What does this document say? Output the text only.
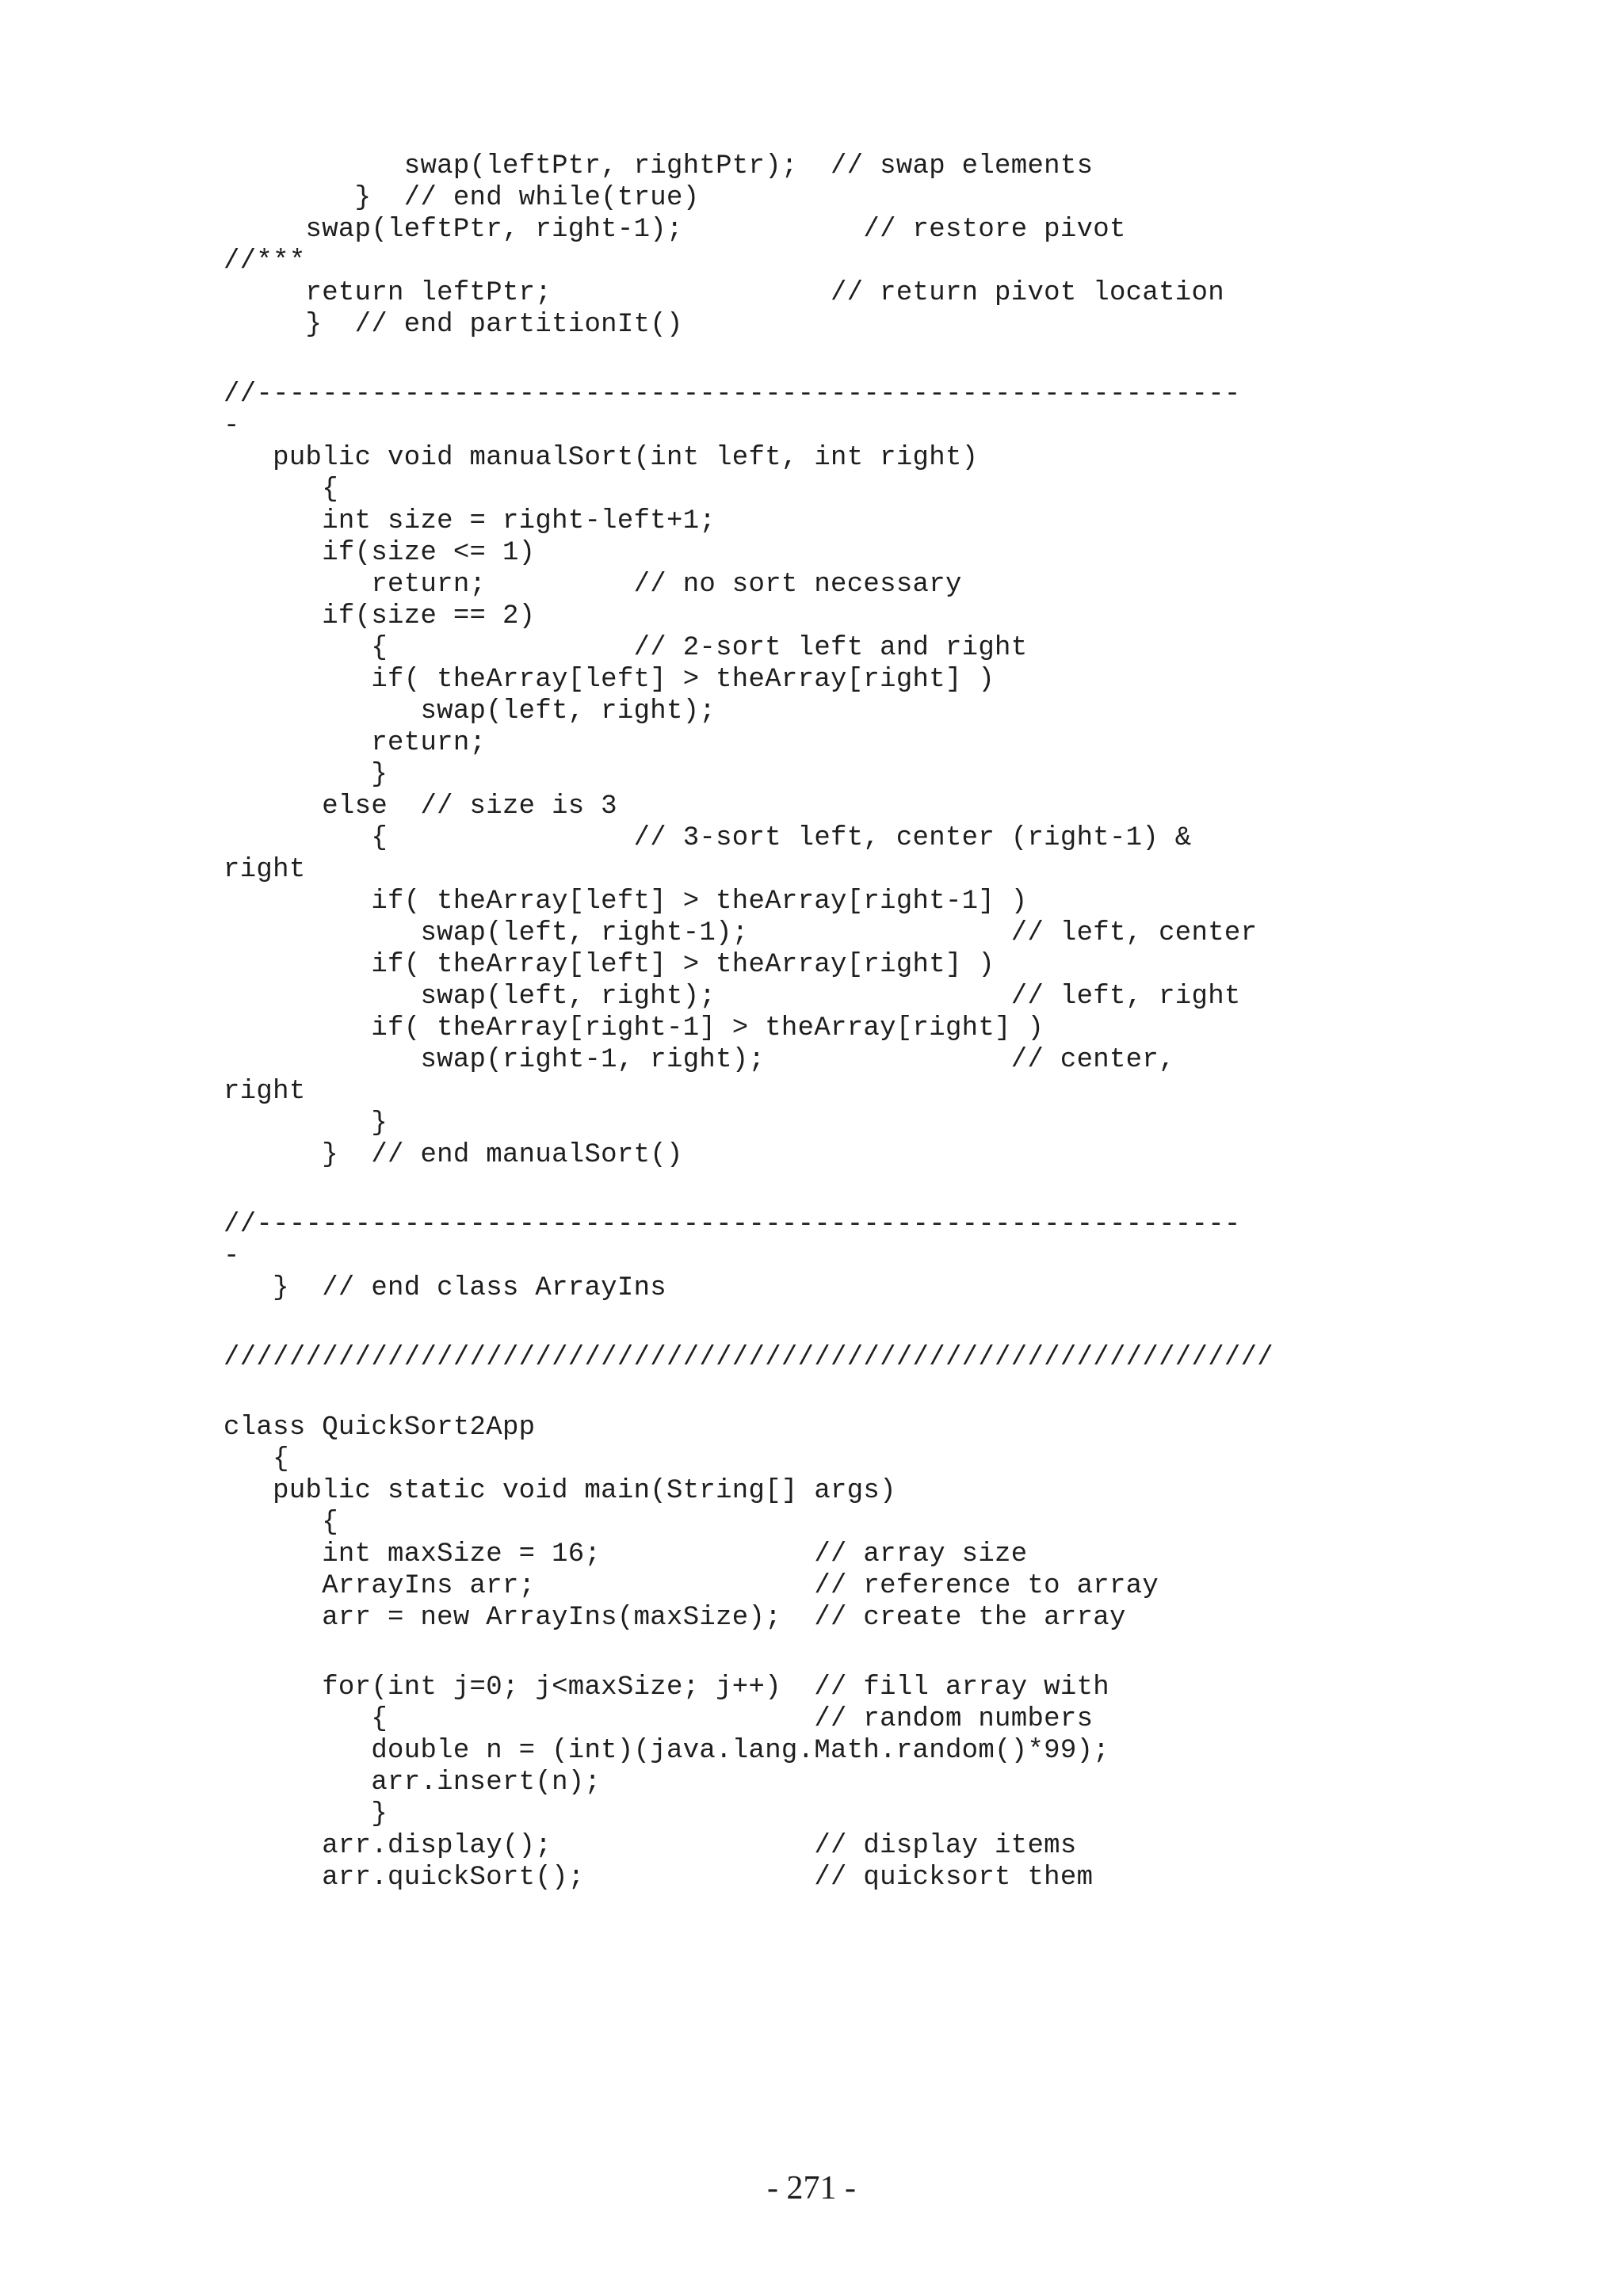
swap(leftPtr, rightPtr);  // swap elements
}  // end while(true)
swap(leftPtr, right-1);           // restore pivot
//***
return leftPtr;                 // return pivot location
}  // end partitionIt()
//------------------------------------------------------------
-
public void manualSort(int left, int right)
{
int size = right-left+1;
if(size <= 1)
return;         // no sort necessary
if(size == 2)
{               // 2-sort left and right
if( theArray[left] > theArray[right] )
swap(left, right);
return;
}
else  // size is 3
{               // 3-sort left, center (right-1) &
right
if( theArray[left] > theArray[right-1] )
swap(left, right-1);                // left, center
if( theArray[left] > theArray[right] )
swap(left, right);                  // left, right
if( theArray[right-1] > theArray[right] )
swap(right-1, right);               // center,
right
}
}  // end manualSort()
//------------------------------------------------------------
-
}  // end class ArrayIns
////////////////////////////////////////////////////////////////
class QuickSort2App
{
public static void main(String[] args)
{
int maxSize = 16;             // array size
ArrayIns arr;                 // reference to array
arr = new ArrayIns(maxSize);  // create the array
for(int j=0; j<maxSize; j++)  // fill array with
{                          // random numbers
double n = (int)(java.lang.Math.random()*99);
arr.insert(n);
}
arr.display();                // display items
arr.quickSort();              // quicksort them
- 271 -
